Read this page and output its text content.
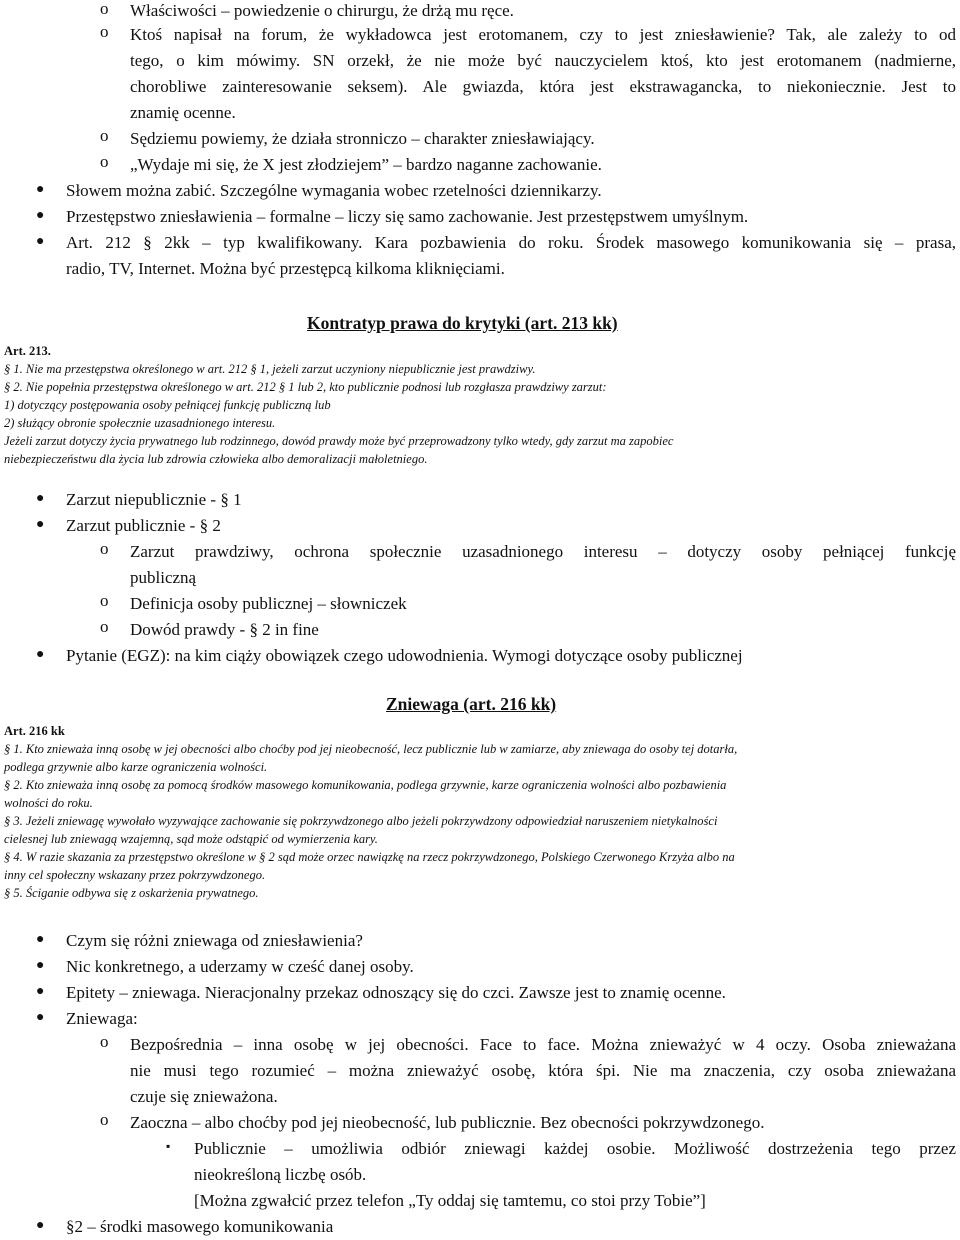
o Właściwości – powiedzenie o chirurgu, że drżą mu ręce.
o Ktoś napisał na forum, że wykładowca jest erotomanem, czy to jest zniesławienie? Tak, ale zależy to od
tego, o kim mówimy. SN orzekł, że nie może być nauczycielem ktoś, kto jest erotomanem (nadmierne,
chorobliwe zainteresowanie seksem). Ale gwiazda, która jest ekstrawagancka, to niekoniecznie. Jest to
znamię ocenne.
o Sędziemu powiemy, że działa stronniczo – charakter zniesławiający.
o „Wydaje mi się, że X jest złodziejem” – bardzo naganne zachowanie.
● Słowem można zabić. Szczególne wymagania wobec rzetelności dziennikarzy.
● Przestępstwo zniesławienia – formalne – liczy się samo zachowanie. Jest przestępstwem umyślnym.
● Art. 212 § 2kk – typ kwalifikowany. Kara pozbawienia do roku. Środek masowego komunikowania się – prasa,
radio, TV, Internet. Można być przestępcą kilkoma kliknięciami.
Kontratyp prawa do krytyki (art. 213 kk)
Art. 213.
§ 1. Nie ma przestępstwa określonego w art. 212 § 1, jeżeli zarzut uczyniony niepublicznie jest prawdziwy.
§ 2. Nie popełnia przestępstwa określonego w art. 212 § 1 lub 2, kto publicznie podnosi lub rozgłasza prawdziwy zarzut:
1) dotyczący postępowania osoby pełniącej funkcję publiczną lub
2) służący obronie społecznie uzasadnionego interesu.
Jeżeli zarzut dotyczy życia prywatnego lub rodzinnego, dowód prawdy może być przeprowadzony tylko wtedy, gdy zarzut ma zapobiec
niebezpieczeństwu dla życia lub zdrowia człowieka albo demoralizacji małoletniego.
● Zarzut niepublicznie - § 1
● Zarzut publicznie - § 2
o Zarzut prawdziwy, ochrona społecznie uzasadnionego interesu – dotyczy osoby pełniącej funkcję
publiczną
o Definicja osoby publicznej – słowniczek
o Dowód prawdy - § 2 in fine
● Pytanie (EGZ): na kim ciąży obowiązek czego udowodnienia. Wymogi dotyczące osoby publicznej
Zniewaga (art. 216 kk)
Art. 216 kk
§ 1. Kto znieważa inną osobę w jej obecności albo choćby pod jej nieobecność, lecz publicznie lub w zamiarze, aby zniewaga do osoby tej dotarła,
podlega grzywnie albo karze ograniczenia wolności.
§ 2. Kto znieważa inną osobę za pomocą środków masowego komunikowania, podlega grzywnie, karze ograniczenia wolności albo pozbawienia
wolności do roku.
§ 3. Jeżeli zniewagę wywołało wyzywające zachowanie się pokrzywdzonego albo jeżeli pokrzywdzony odpowiedział naruszeniem nietykalności
cielesnej lub zniewagą wzajemną, sąd może odstąpić od wymierzenia kary.
§ 4. W razie skazania za przestępstwo określone w § 2 sąd może orzec nawiązkę na rzecz pokrzywdzonego, Polskiego Czerwonego Krzyża albo na
inny cel społeczny wskazany przez pokrzywdzonego.
§ 5. Ściganie odbywa się z oskarżenia prywatnego.
● Czym się różni zniewaga od zniesławienia?
● Nic konkretnego, a uderzamy w cześć danej osoby.
● Epitety – zniewaga. Nieracjonalny przekaz odnoszący się do czci. Zawsze jest to znamię ocenne.
● Zniewaga:
o Bezpośrednia – inna osobę w jej obecności. Face to face. Można znieważyć w 4 oczy. Osoba znieważana
nie musi tego rozumieć – można znieważyć osobę, która śpi. Nie ma znaczenia, czy osoba znieważana
czuje się znieważona.
o Zaoczna – albo choćby pod jej nieobecność, lub publicznie. Bez obecności pokrzywdzonego.
▪ Publicznie – umożliwia odbiór zniewagi każdej osobie. Możliwość dostrzeżenia tego przez
nieokreśloną liczbę osób.
[Można zgwałcić przez telefon „Ty oddaj się tamtemu, co stoi przy Tobie”]
● §2 – środki masowego komunikowania
